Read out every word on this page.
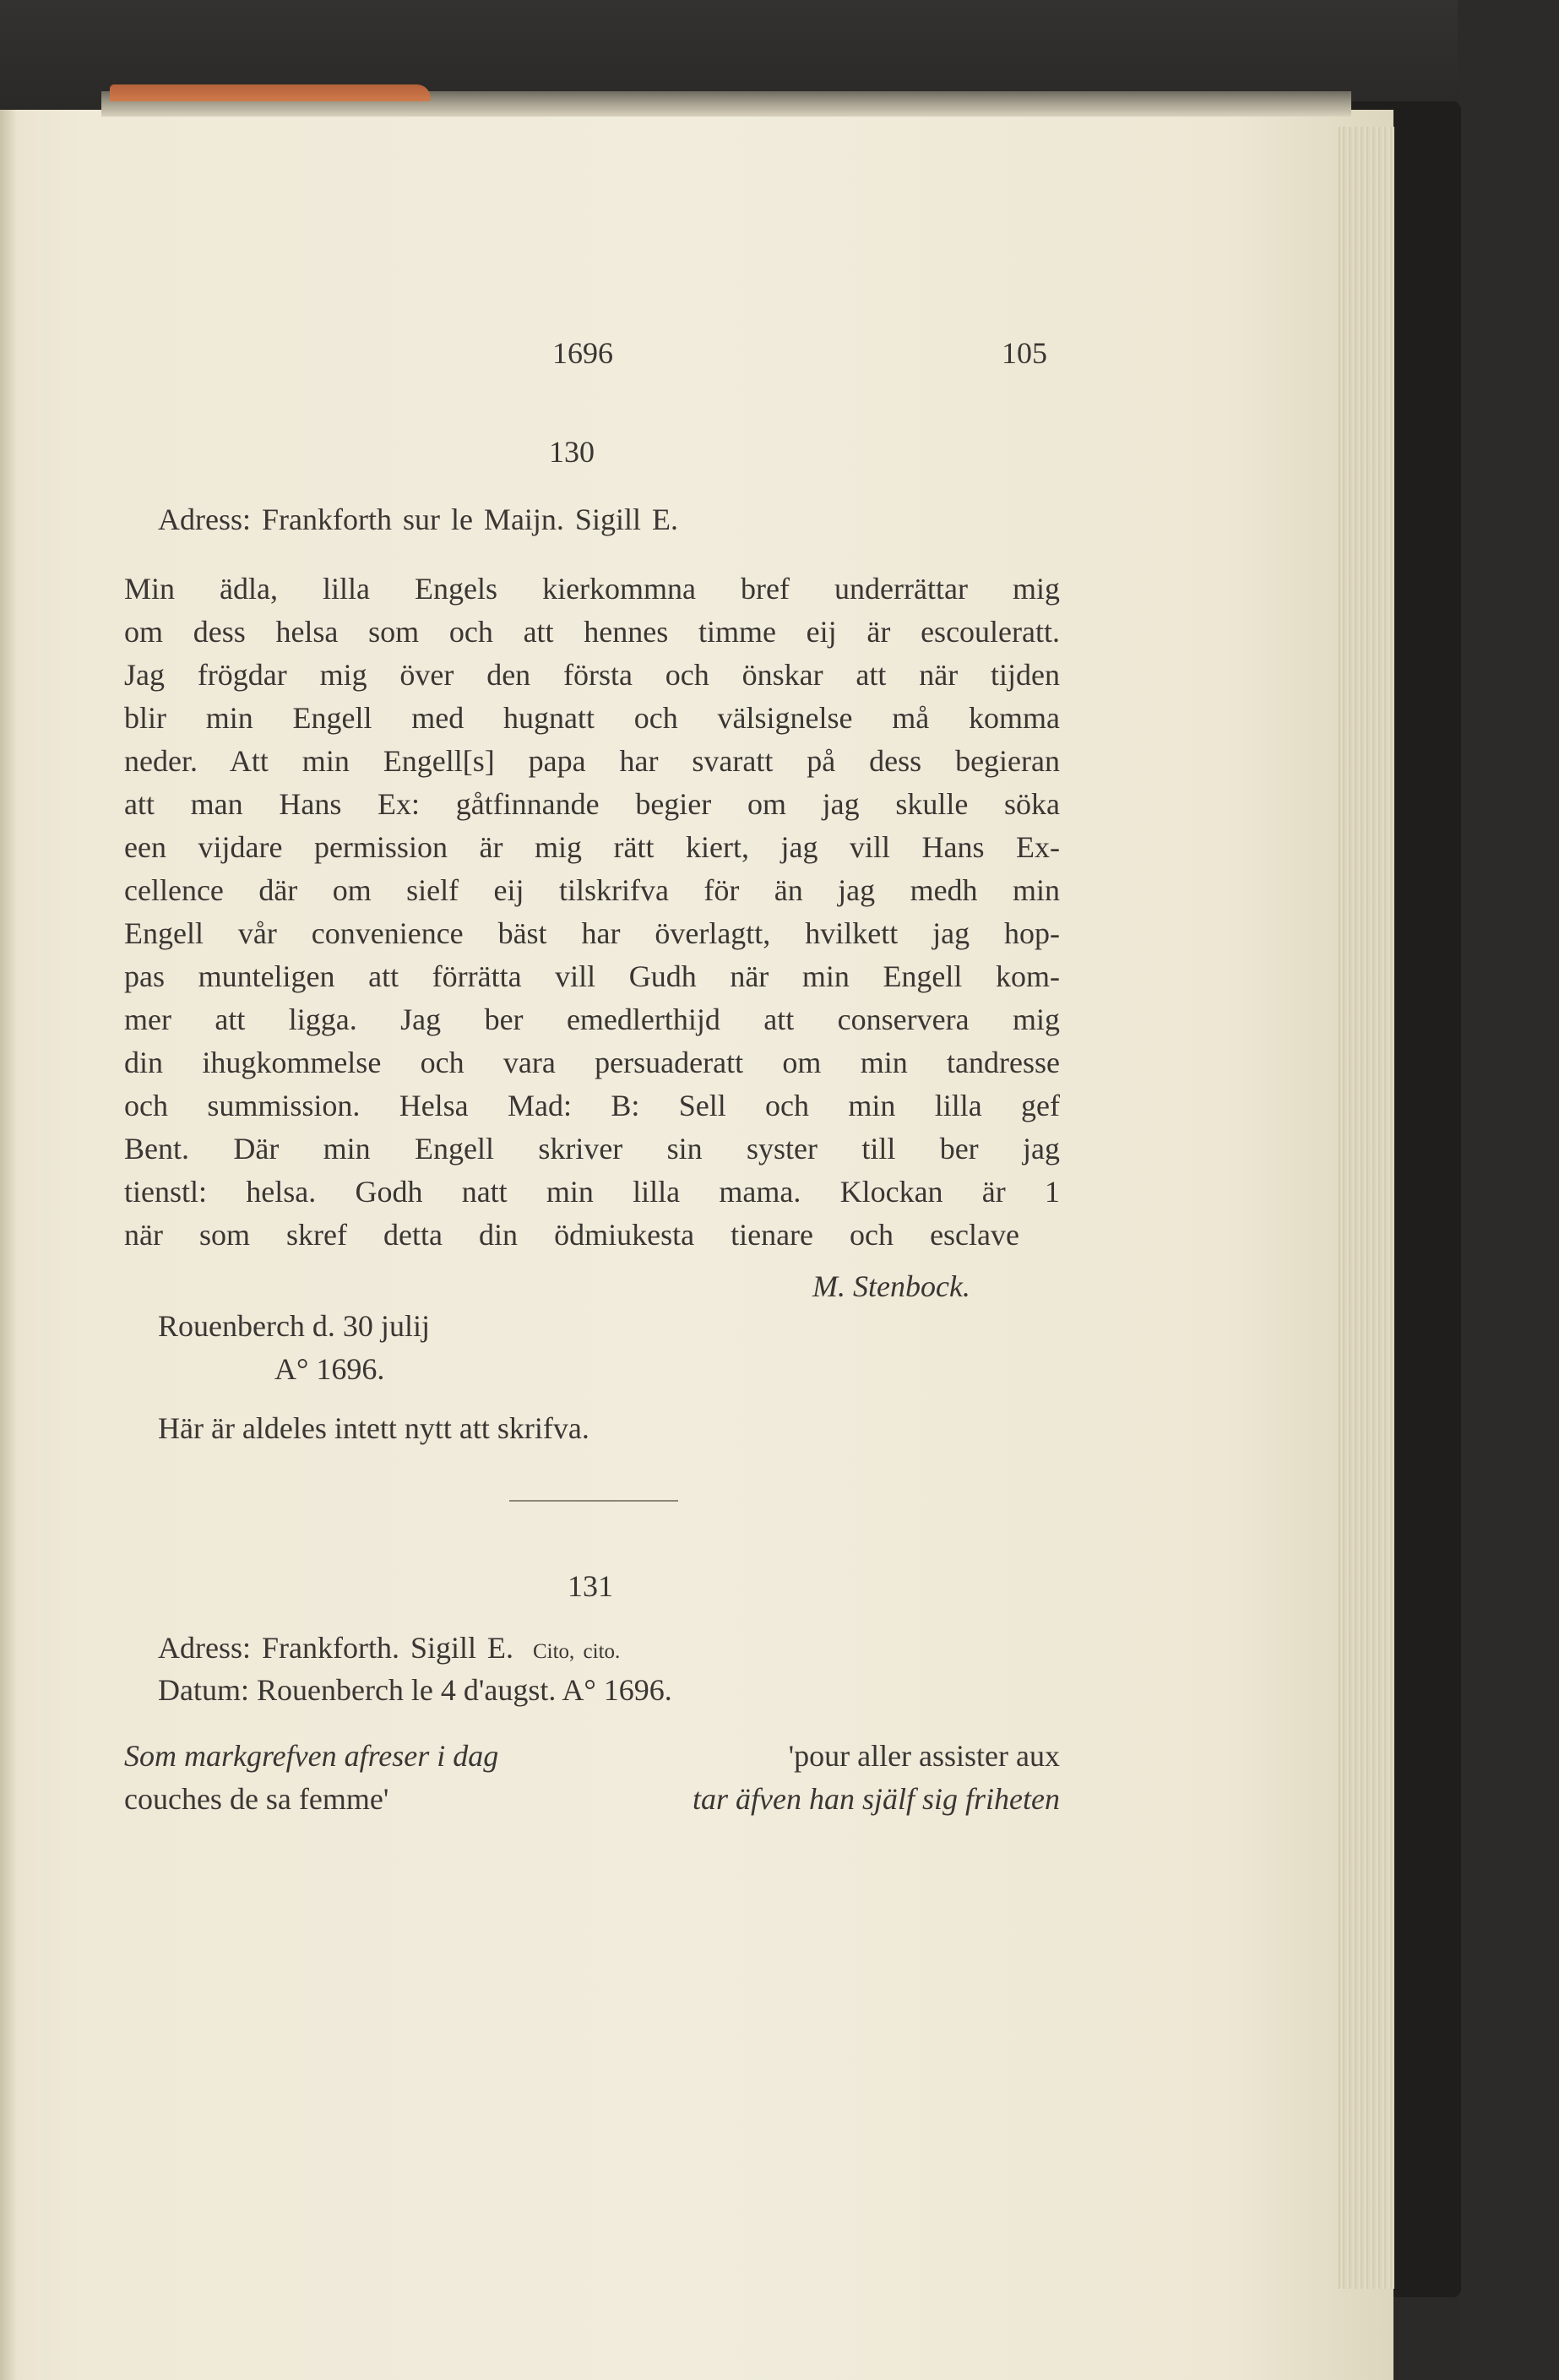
1696	105
130
Adress: Frankforth sur le Maijn. Sigill E.
Min ädla, lilla Engels kierkommna bref underrättar mig
om dess helsa som och att hennes timme eij är escouleratt.
Jag frögdar mig över den första och önskar att när tijden
blir min Engell med hugnatt och välsignelse må komma
neder. Att min Engell[s] papa har svaratt på dess begieran
att man Hans Ex: gåtfinnande begier om jag skulle söka
een vijdare permission är mig rätt kiert, jag vill Hans Ex-
cellence där om sielf eij tilskrifva för än jag medh min
Engell vår convenience bäst har överlagtt, hvilkett jag hop-
pas munteligen att förrätta vill Gudh när min Engell kom-
mer att ligga. Jag ber emedlerthijd att conservera mig
din ihugkommelse och vara persuaderatt om min tandresse
och summission. Helsa Mad: B: Sell och min lilla gef
Bent. Där min Engell skriver sin syster till ber jag
tienstl: helsa. Godh natt min lilla mama. Klockan är 1
när som skref detta din ödmiukesta tienare och esclave
M. Stenbock.
Rouenberch d. 30 julij
A° 1696.
Här är aldeles intett nytt att skrifva.
131
Adress: Frankforth. Sigill E. Cito, cito.
Datum: Rouenberch le 4 d'augst. A° 1696.
Som markgrefven afreser i dag	'pour aller assister aux
couches de sa femme'	tar äfven han själf sig friheten
